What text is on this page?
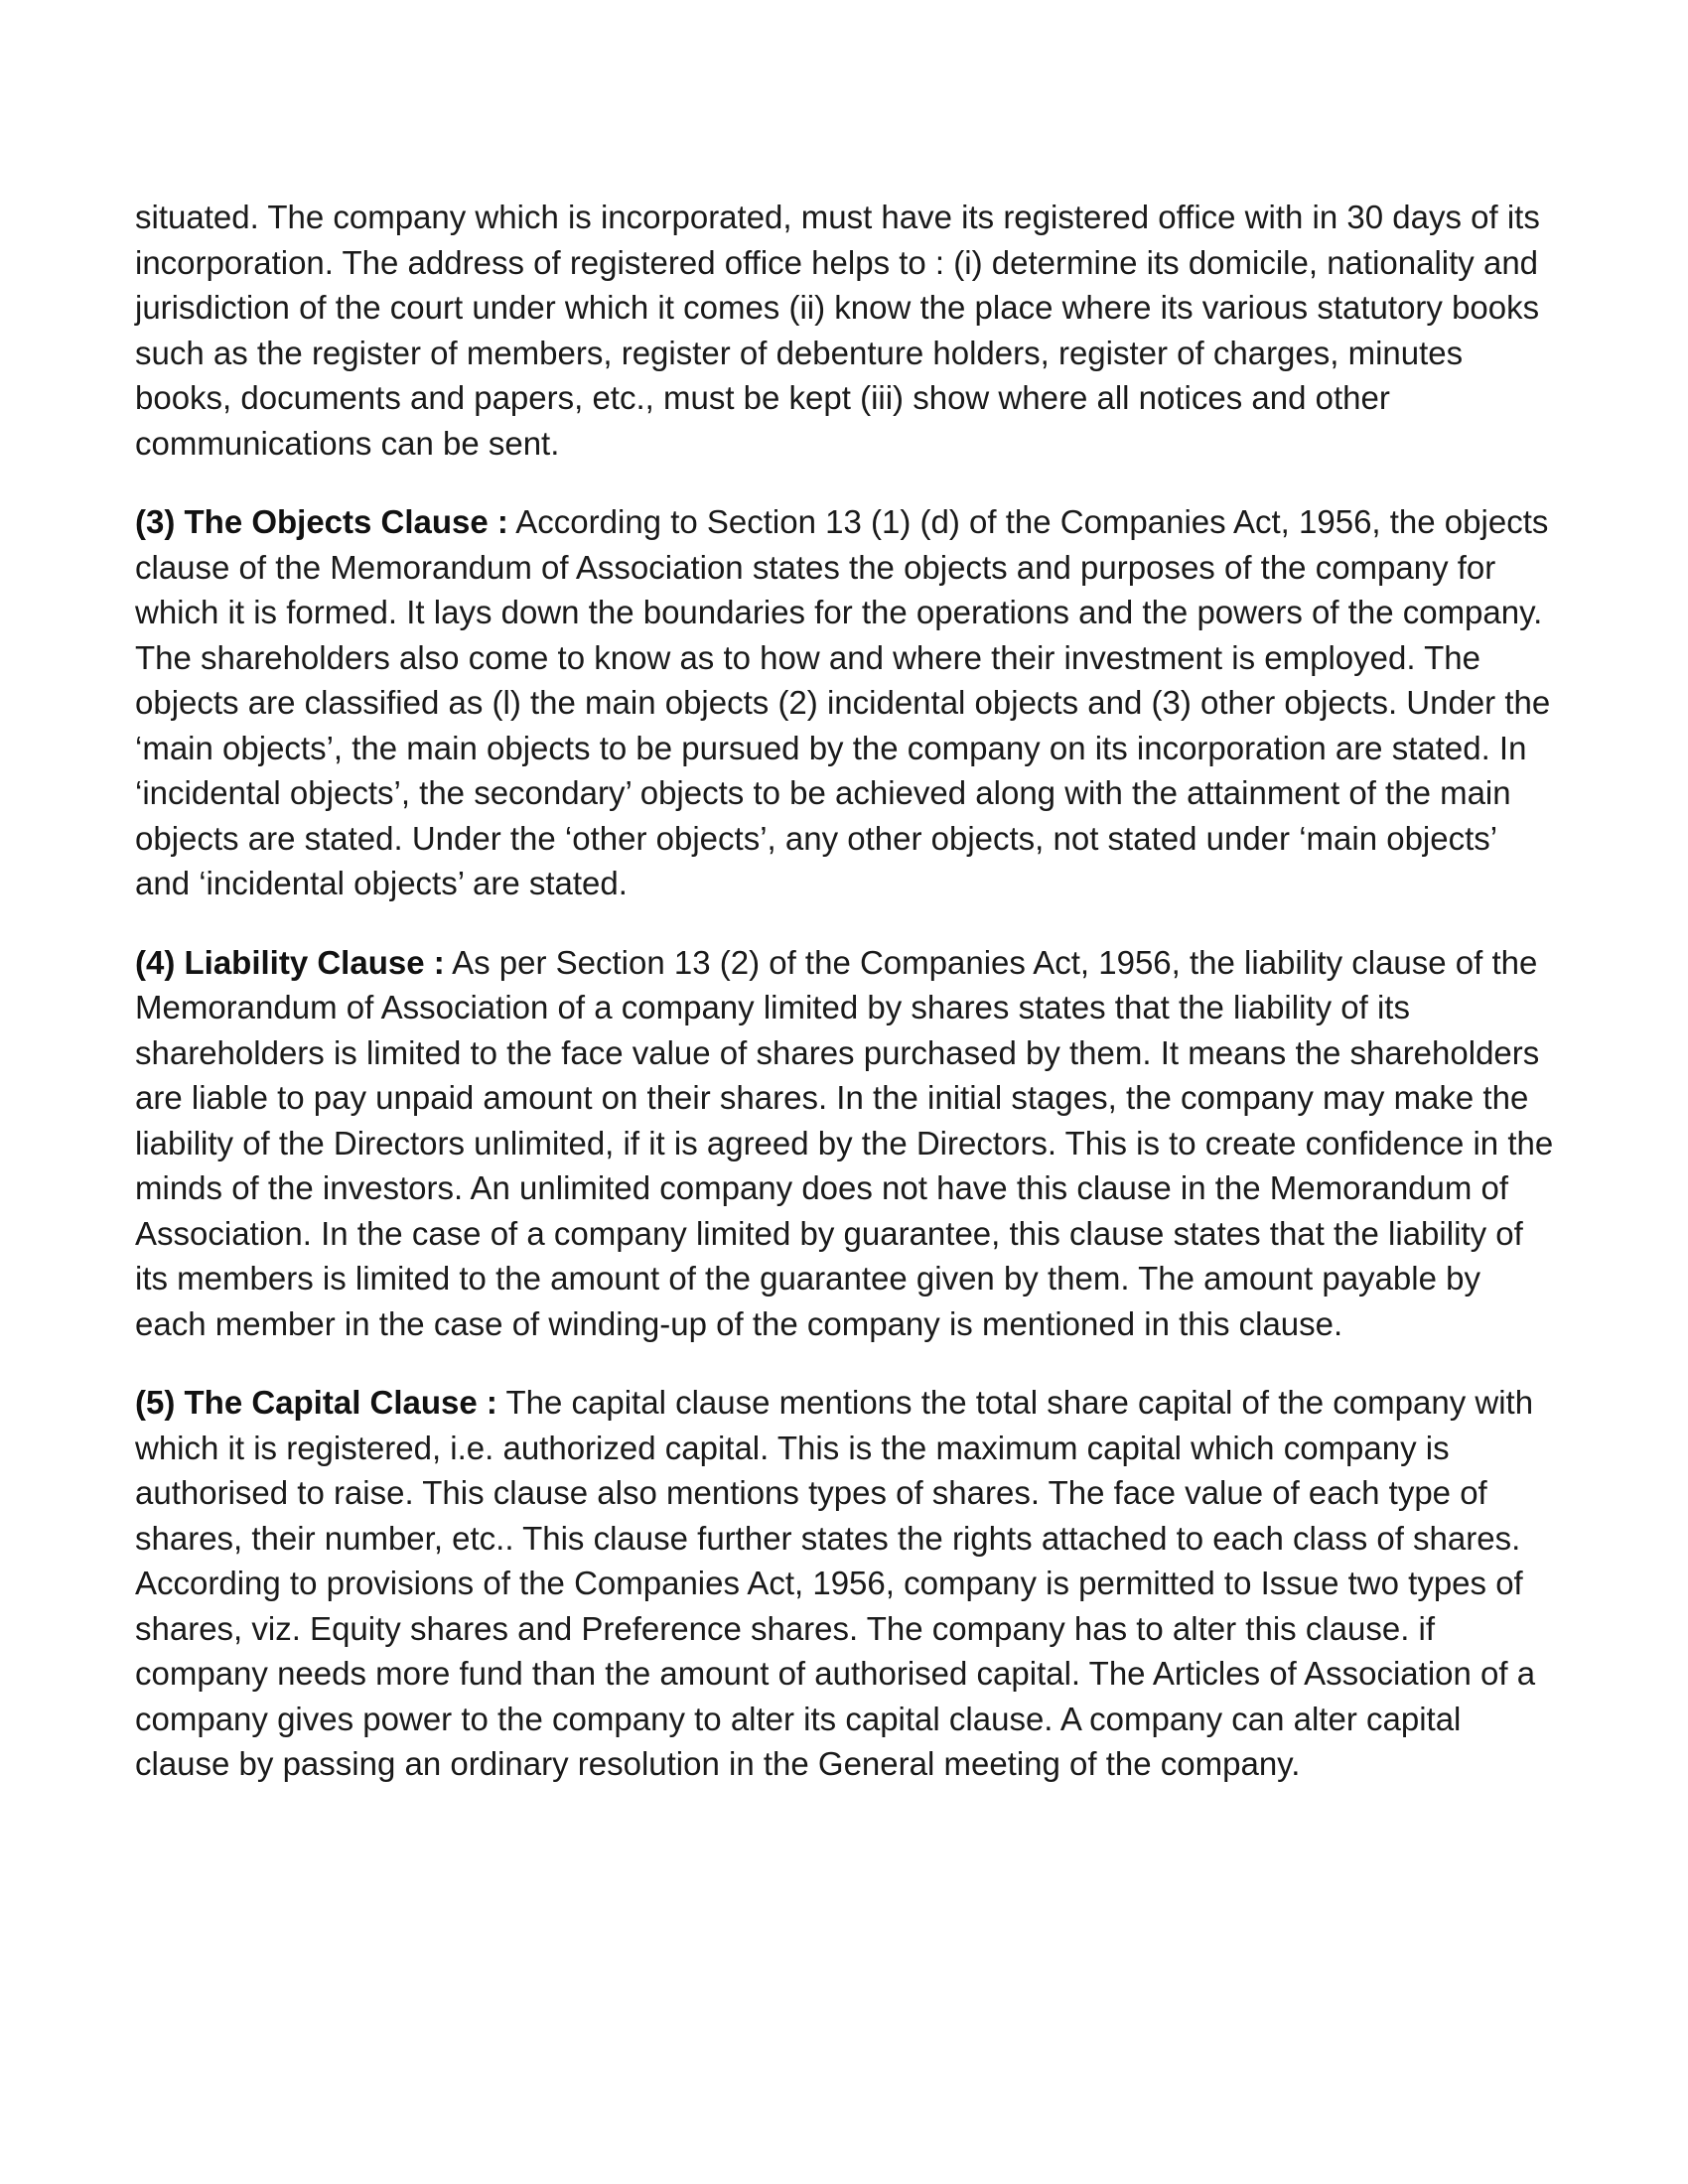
situated. The company which is incorporated, must have its registered office with in 30 days of its incorporation. The address of registered office helps to : (i) determine its domicile, nationality and jurisdiction of the court under which it comes (ii) know the place where its various statutory books such as the register of members, register of debenture holders, register of charges, minutes books, documents and papers, etc., must be kept (iii) show where all notices and other communications can be sent.

(3) The Objects Clause : According to Section 13 (1) (d) of the Companies Act, 1956, the objects clause of the Memorandum of Association states the objects and purposes of the company for which it is formed. It lays down the boundaries for the operations and the powers of the company. The shareholders also come to know as to how and where their investment is employed. The objects are classified as (l) the main objects (2) incidental objects and (3) other objects. Under the ‘main objects’, the main objects to be pursued by the company on its incorporation are stated. In ‘incidental objects’, the secondary’ objects to be achieved along with the attainment of the main objects are stated. Under the ‘other objects’, any other objects, not stated under ‘main objects’ and ‘incidental objects’ are stated.

(4) Liability Clause : As per Section 13 (2) of the Companies Act, 1956, the liability clause of the Memorandum of Association of a company limited by shares states that the liability of its shareholders is limited to the face value of shares purchased by them. It means the shareholders are liable to pay unpaid amount on their shares. In the initial stages, the company may make the liability of the Directors unlimited, if it is agreed by the Directors. This is to create confidence in the minds of the investors. An unlimited company does not have this clause in the Memorandum of Association. In the case of a company limited by guarantee, this clause states that the liability of its members is limited to the amount of the guarantee given by them. The amount payable by each member in the case of winding-up of the company is mentioned in this clause.

(5) The Capital Clause : The capital clause mentions the total share capital of the company with which it is registered, i.e. authorized capital. This is the maximum capital which company is authorised to raise. This clause also mentions types of shares. The face value of each type of shares, their number, etc.. This clause further states the rights attached to each class of shares. According to provisions of the Companies Act, 1956, company is permitted to Issue two types of shares, viz. Equity shares and Preference shares. The company has to alter this clause. if company needs more fund than the amount of authorised capital. The Articles of Association of a company gives power to the company to alter its capital clause. A company can alter capital clause by passing an ordinary resolution in the General meeting of the company.
